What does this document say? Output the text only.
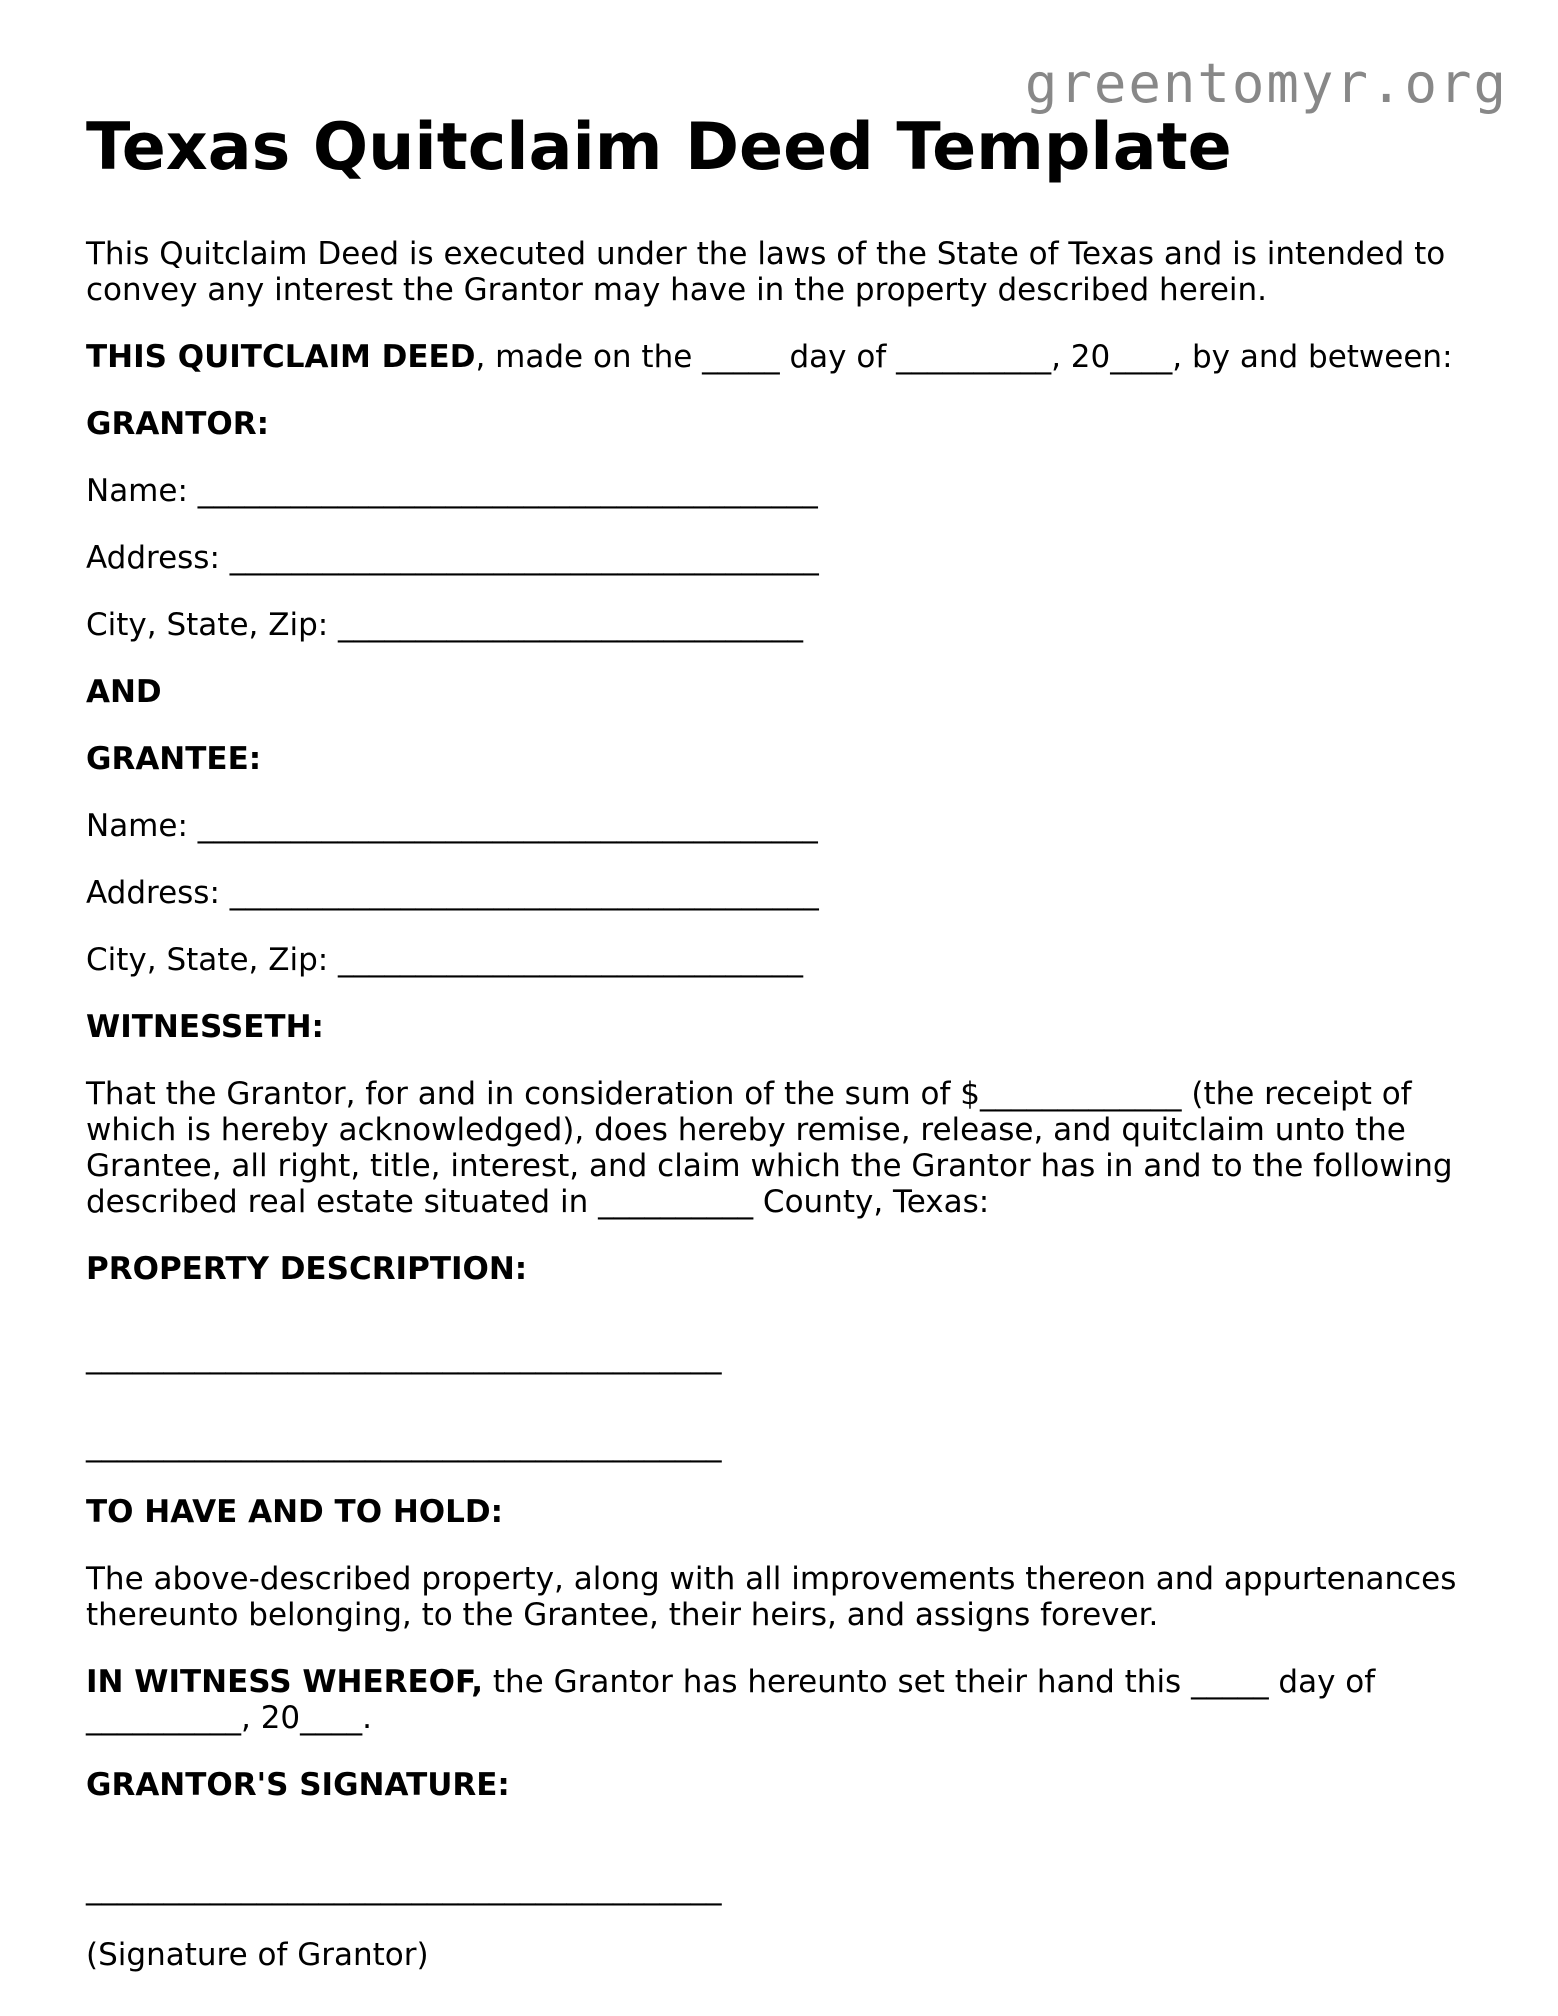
greentomyr.org
Texas Quitclaim Deed Template

This Quitclaim Deed is executed under the laws of the State of Texas and is intended to convey any interest the Grantor may have in the property described herein.

THIS QUITCLAIM DEED, made on the _____ day of __________, 20____, by and between:

GRANTOR:

Name: ________________________________________

Address: ______________________________________

City, State, Zip: ______________________________

AND

GRANTEE:

Name: ________________________________________

Address: ______________________________________

City, State, Zip: ______________________________

WITNESSETH:

That the Grantor, for and in consideration of the sum of $_____________ (the receipt of which is hereby acknowledged), does hereby remise, release, and quitclaim unto the Grantee, all right, title, interest, and claim which the Grantor has in and to the following described real estate situated in __________ County, Texas:

PROPERTY DESCRIPTION:

_________________________________________

_________________________________________

TO HAVE AND TO HOLD:

The above-described property, along with all improvements thereon and appurtenances thereunto belonging, to the Grantee, their heirs, and assigns forever.

IN WITNESS WHEREOF, the Grantor has hereunto set their hand this _____ day of __________, 20____.

GRANTOR'S SIGNATURE:

_________________________________________

(Signature of Grantor)
